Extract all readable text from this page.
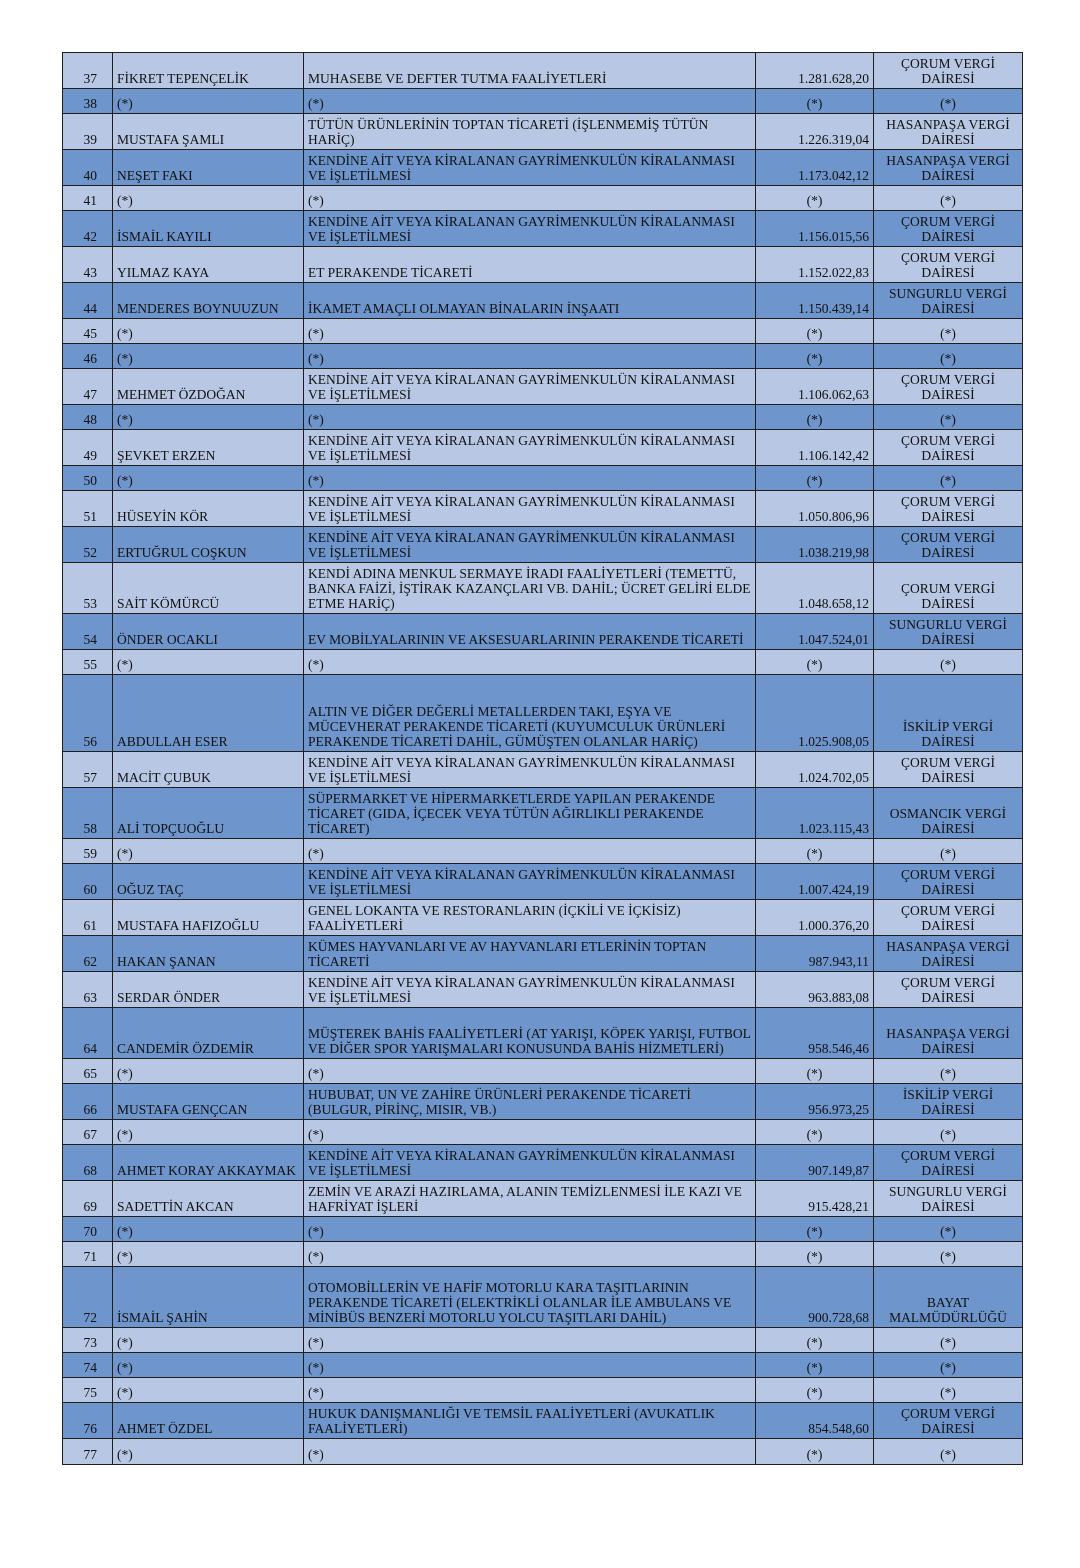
37	FİKRET TEPENÇELİK	MUHASEBE VE DEFTER TUTMA FAALİYETLERİ	1.281.628,20	ÇORUM VERGİ DAİRESİ
38	(*)	(*)	(*)	(*)
39	MUSTAFA ŞAMLI	TÜTÜN ÜRÜNLERİNİN TOPTAN TİCARETİ (İŞLENMEMİŞ TÜTÜN HARİÇ)	1.226.319,04	HASANPAŞA VERGİ DAİRESİ
40	NEŞET FAKI	KENDİNE AİT VEYA KİRALANAN GAYRİMENKULÜN KİRALANMASI VE İŞLETİLMESİ	1.173.042,12	HASANPAŞA VERGİ DAİRESİ
41	(*)	(*)	(*)	(*)
42	İSMAİL KAYILI	KENDİNE AİT VEYA KİRALANAN GAYRİMENKULÜN KİRALANMASI VE İŞLETİLMESİ	1.156.015,56	ÇORUM VERGİ DAİRESİ
43	YILMAZ KAYA	ET PERAKENDE TİCARETİ	1.152.022,83	ÇORUM VERGİ DAİRESİ
44	MENDERES BOYNUUZUN	İKAMET AMAÇLI OLMAYAN BİNALARIN İNŞAATI	1.150.439,14	SUNGURLU VERGİ DAİRESİ
45	(*)	(*)	(*)	(*)
46	(*)	(*)	(*)	(*)
47	MEHMET ÖZDOĞAN	KENDİNE AİT VEYA KİRALANAN GAYRİMENKULÜN KİRALANMASI VE İŞLETİLMESİ	1.106.062,63	ÇORUM VERGİ DAİRESİ
48	(*)	(*)	(*)	(*)
49	ŞEVKET ERZEN	KENDİNE AİT VEYA KİRALANAN GAYRİMENKULÜN KİRALANMASI VE İŞLETİLMESİ	1.106.142,42	ÇORUM VERGİ DAİRESİ
50	(*)	(*)	(*)	(*)
51	HÜSEYİN KÖR	KENDİNE AİT VEYA KİRALANAN GAYRİMENKULÜN KİRALANMASI VE İŞLETİLMESİ	1.050.806,96	ÇORUM VERGİ DAİRESİ
52	ERTUĞRUL COŞKUN	KENDİNE AİT VEYA KİRALANAN GAYRİMENKULÜN KİRALANMASI VE İŞLETİLMESİ	1.038.219,98	ÇORUM VERGİ DAİRESİ
53	SAİT KÖMÜRCÜ	KENDİ ADINA MENKUL SERMAYE İRADI FAALİYETLERİ (TEMETTÜ, BANKA FAİZİ, İŞTİRAK KAZANÇLARI VB. DAHİL; ÜCRET GELİRİ ELDE ETME HARİÇ)	1.048.658,12	ÇORUM VERGİ DAİRESİ
54	ÖNDER OCAKLI	EV MOBİLYALARININ VE AKSESUARLARININ PERAKENDE TİCARETİ	1.047.524,01	SUNGURLU VERGİ DAİRESİ
55	(*)	(*)	(*)	(*)
56	ABDULLAH ESER	ALTIN VE DİĞER DEĞERLİ METALLERDEN TAKI, EŞYA VE MÜCEVHERAT PERAKENDE TİCARETİ (KUYUMCULUK ÜRÜNLERİ PERAKENDE TİCARETİ DAHİL, GÜMÜŞTEN OLANLAR HARİÇ)	1.025.908,05	İSKİLİP VERGİ DAİRESİ
57	MACİT ÇUBUK	KENDİNE AİT VEYA KİRALANAN GAYRİMENKULÜN KİRALANMASI VE İŞLETİLMESİ	1.024.702,05	ÇORUM VERGİ DAİRESİ
58	ALİ TOPÇUOĞLU	SÜPERMARKET VE HİPERMARKETLERDE YAPILAN PERAKENDE TİCARET (GIDA, İÇECEK VEYA TÜTÜN AĞIRLIKLI PERAKENDE TİCARET)	1.023.115,43	OSMANCIK VERGİ DAİRESİ
59	(*)	(*)	(*)	(*)
60	OĞUZ TAÇ	KENDİNE AİT VEYA KİRALANAN GAYRİMENKULÜN KİRALANMASI VE İŞLETİLMESİ	1.007.424,19	ÇORUM VERGİ DAİRESİ
61	MUSTAFA HAFIZOĞLU	GENEL LOKANTA VE RESTORANLARIN (İÇKİLİ VE İÇKİSİZ) FAALİYETLERİ	1.000.376,20	ÇORUM VERGİ DAİRESİ
62	HAKAN ŞANAN	KÜMES HAYVANLARI VE AV HAYVANLARI ETLERİNİN TOPTAN TİCARETİ	987.943,11	HASANPAŞA VERGİ DAİRESİ
63	SERDAR ÖNDER	KENDİNE AİT VEYA KİRALANAN GAYRİMENKULÜN KİRALANMASI VE İŞLETİLMESİ	963.883,08	ÇORUM VERGİ DAİRESİ
64	CANDEMİR ÖZDEMİR	MÜŞTEREK BAHİS FAALİYETLERİ (AT YARIŞI, KÖPEK YARIŞI, FUTBOL VE DİĞER SPOR YARIŞMALARI KONUSUNDA BAHİS HİZMETLERİ)	958.546,46	HASANPAŞA VERGİ DAİRESİ
65	(*)	(*)	(*)	(*)
66	MUSTAFA GENÇCAN	HUBUBAT, UN VE ZAHİRE ÜRÜNLERİ PERAKENDE TİCARETİ (BULGUR, PİRİNÇ, MISIR, VB.)	956.973,25	İSKİLİP VERGİ DAİRESİ
67	(*)	(*)	(*)	(*)
68	AHMET KORAY AKKAYMAK	KENDİNE AİT VEYA KİRALANAN GAYRİMENKULÜN KİRALANMASI VE İŞLETİLMESİ	907.149,87	ÇORUM VERGİ DAİRESİ
69	SADETTİN AKCAN	ZEMİN VE ARAZİ HAZIRLAMA, ALANIN TEMİZLENMESİ İLE KAZI VE HAFRİYAT İŞLERİ	915.428,21	SUNGURLU VERGİ DAİRESİ
70	(*)	(*)	(*)	(*)
71	(*)	(*)	(*)	(*)
72	İSMAİL ŞAHİN	OTOMOBİLLERİN VE HAFİF MOTORLU KARA TAŞITLARININ PERAKENDE TİCARETİ (ELEKTRİKLİ OLANLAR İLE AMBULANS VE MİNİBÜS BENZERİ MOTORLU YOLCU TAŞITLARI DAHİL)	900.728,68	BAYAT MALMÜDÜRLÜĞÜ
73	(*)	(*)	(*)	(*)
74	(*)	(*)	(*)	(*)
75	(*)	(*)	(*)	(*)
76	AHMET ÖZDEL	HUKUK DANIŞMANLIĞI VE TEMSİL FAALİYETLERİ (AVUKATLIK FAALİYETLERİ)	854.548,60	ÇORUM VERGİ DAİRESİ
77	(*)	(*)	(*)	(*)
